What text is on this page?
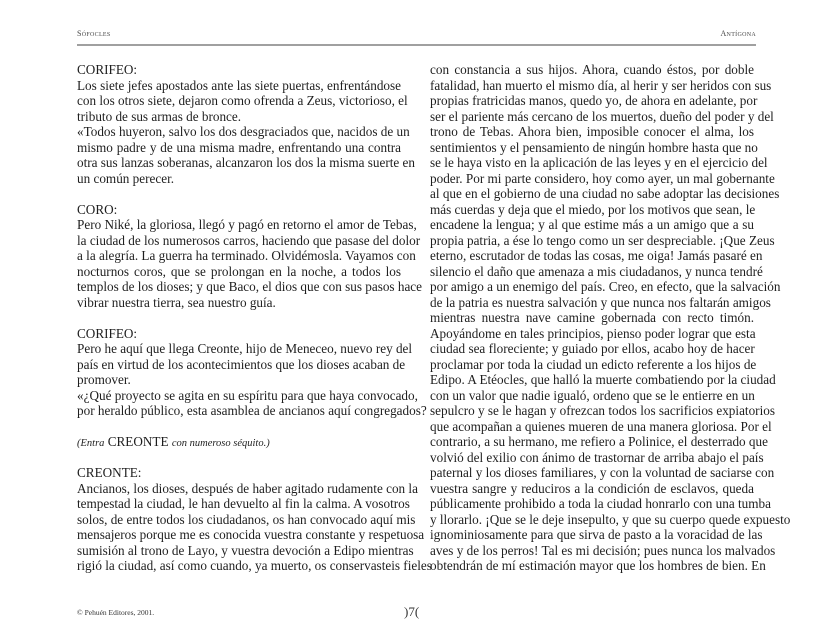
Sófocles	Antígona
CORIFEO:
Los siete jefes apostados ante las siete puertas, enfrentándose
con los otros siete, dejaron como ofrenda a Zeus, victorioso, el
tributo de sus armas de bronce.
«Todos huyeron, salvo los dos desgraciados que, nacidos de un
mismo padre y de una misma madre, enfrentando una contra
otra sus lanzas soberanas, alcanzaron los dos la misma suerte en
un común perecer.
CORO:
Pero Niké, la gloriosa, llegó y pagó en retorno el amor de Tebas,
la ciudad de los numerosos carros, haciendo que pasase del dolor
a la alegría. La guerra ha terminado. Olvidémosla. Vayamos con
nocturnos coros, que se prolongan en la noche, a todos los
templos de los dioses; y que Baco, el dios que con sus pasos hace
vibrar nuestra tierra, sea nuestro guía.
CORIFEO:
Pero he aquí que llega Creonte, hijo de Meneceo, nuevo rey del
país en virtud de los acontecimientos que los dioses acaban de
promover.
«¿Qué proyecto se agita en su espíritu para que haya convocado,
por heraldo público, esta asamblea de ancianos aquí congregados?
(Entra CREONTE con numeroso séquito.)
CREONTE:
Ancianos, los dioses, después de haber agitado rudamente con la
tempestad la ciudad, le han devuelto al fin la calma. A vosotros
solos, de entre todos los ciudadanos, os han convocado aquí mis
mensajeros porque me es conocida vuestra constante y respetuosa
sumisión al trono de Layo, y vuestra devoción a Edipo mientras
rigió la ciudad, así como cuando, ya muerto, os conservasteis fieles
con constancia a sus hijos. Ahora, cuando éstos, por doble
fatalidad, han muerto el mismo día, al herir y ser heridos con sus
propias fratricidas manos, quedo yo, de ahora en adelante, por
ser el pariente más cercano de los muertos, dueño del poder y del
trono de Tebas. Ahora bien, imposible conocer el alma, los
sentimientos y el pensamiento de ningún hombre hasta que no
se le haya visto en la aplicación de las leyes y en el ejercicio del
poder. Por mi parte considero, hoy como ayer, un mal gobernante
al que en el gobierno de una ciudad no sabe adoptar las decisiones
más cuerdas y deja que el miedo, por los motivos que sean, le
encadene la lengua; y al que estime más a un amigo que a su
propia patria, a ése lo tengo como un ser despreciable. ¡Que Zeus
eterno, escrutador de todas las cosas, me oiga! Jamás pasaré en
silencio el daño que amenaza a mis ciudadanos, y nunca tendré
por amigo a un enemigo del país. Creo, en efecto, que la salvación
de la patria es nuestra salvación y que nunca nos faltarán amigos
mientras nuestra nave camine gobernada con recto timón.
Apoyándome en tales principios, pienso poder lograr que esta
ciudad sea floreciente; y guiado por ellos, acabo hoy de hacer
proclamar por toda la ciudad un edicto referente a los hijos de
Edipo. A Etéocles, que halló la muerte combatiendo por la ciudad
con un valor que nadie igualó, ordeno que se le entierre en un
sepulcro y se le hagan y ofrezcan todos los sacrificios expiatorios
que acompañan a quienes mueren de una manera gloriosa. Por el
contrario, a su hermano, me refiero a Polinice, el desterrado que
volvió del exilio con ánimo de trastornar de arriba abajo el país
paternal y los dioses familiares, y con la voluntad de saciarse con
vuestra sangre y reduciros a la condición de esclavos, queda
públicamente prohibido a toda la ciudad honrarlo con una tumba
y llorarlo. ¡Que se le deje insepulto, y que su cuerpo quede expuesto
ignominiosamente para que sirva de pasto a la voracidad de las
aves y de los perros! Tal es mi decisión; pues nunca los malvados
obtendrán de mí estimación mayor que los hombres de bien. En
© Pehuén Editores, 2001.	)7(
